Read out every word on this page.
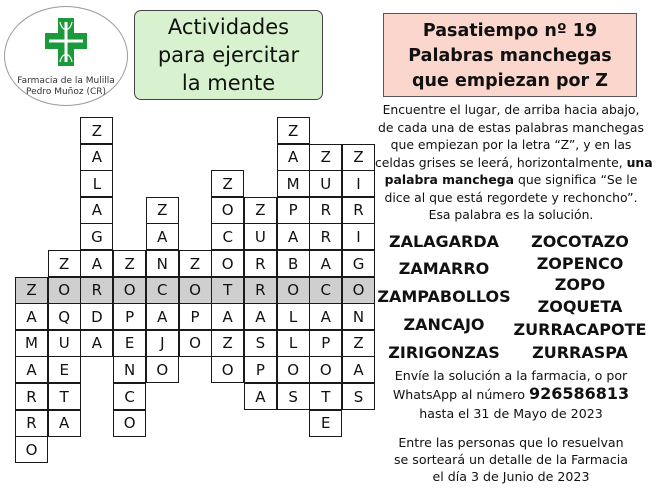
Farmacia de la Mulilla
Pedro Muñoz (CR)
Actividades
para ejercitar
la mente
Pasatiempo nº 19
Palabras manchegas
que empiezan por Z
Encuentre el lugar, de arriba hacia abajo,
de cada una de estas palabras manchegas
que empiezan por la letra “Z”, y en las
celdas grises se leerá, horizontalmente, una
palabra manchega que significa “Se le
dice al que está regordete y rechoncho”.
Esa palabra es la solución.
ZALAGARDA ZOCOTAZO
ZAMARRO	ZOPENCO
ZOPO
ZAMPABOLLOS
ZOQUETA
ZANCAJO ZURRACAPOTE
ZIRIGONZAS ZURRASPA
Envíe la solución a la farmacia, o por
WhatsApp al número 926586813
hasta el 31 de Mayo de 2023
Entre las personas que lo resuelvan
se sorteará un detalle de la Farmacia
el día 3 de Junio de 2023
Z
A
M
A
R
R
O
Z
O
Q
U
E
T
A
Z
A
L
A
G
A
R
D
A
Z
O
P
E
N
C
O
Z
A
N
C
A
J
O
Z
O
P
O
Z
O
C
O
T
A
Z
O
Z
U
R
R
A
S
P
A
Z
A
M
P
A
B
O
L
L
O
S
Z
U
R
R
A
C
A
P
O
T
E
Z
I
R
I
G
O
N
Z
A
S
